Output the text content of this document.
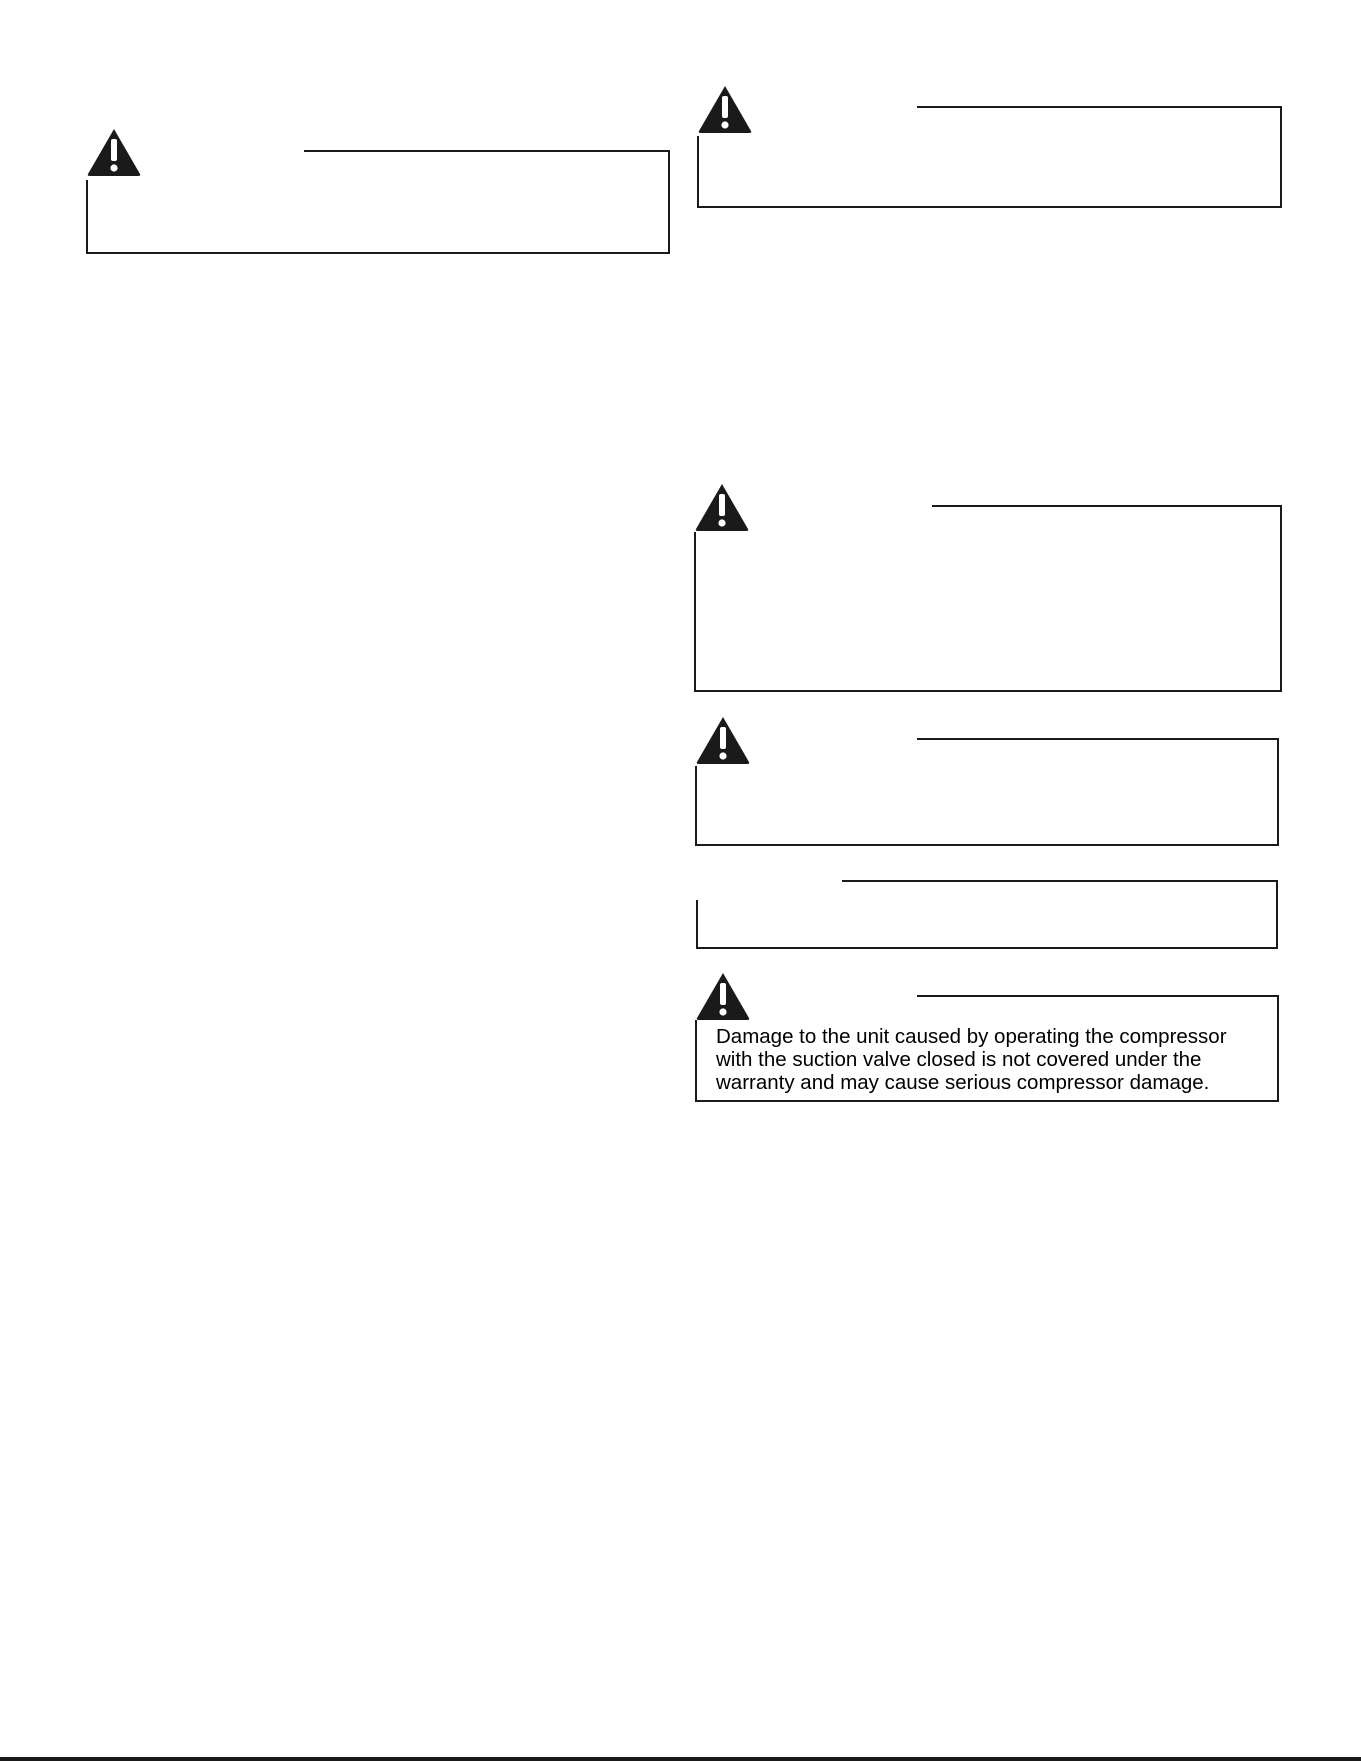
Damage to the unit caused by operating the compressor
with the suction valve closed is not covered under the
warranty and may cause serious compressor damage.
